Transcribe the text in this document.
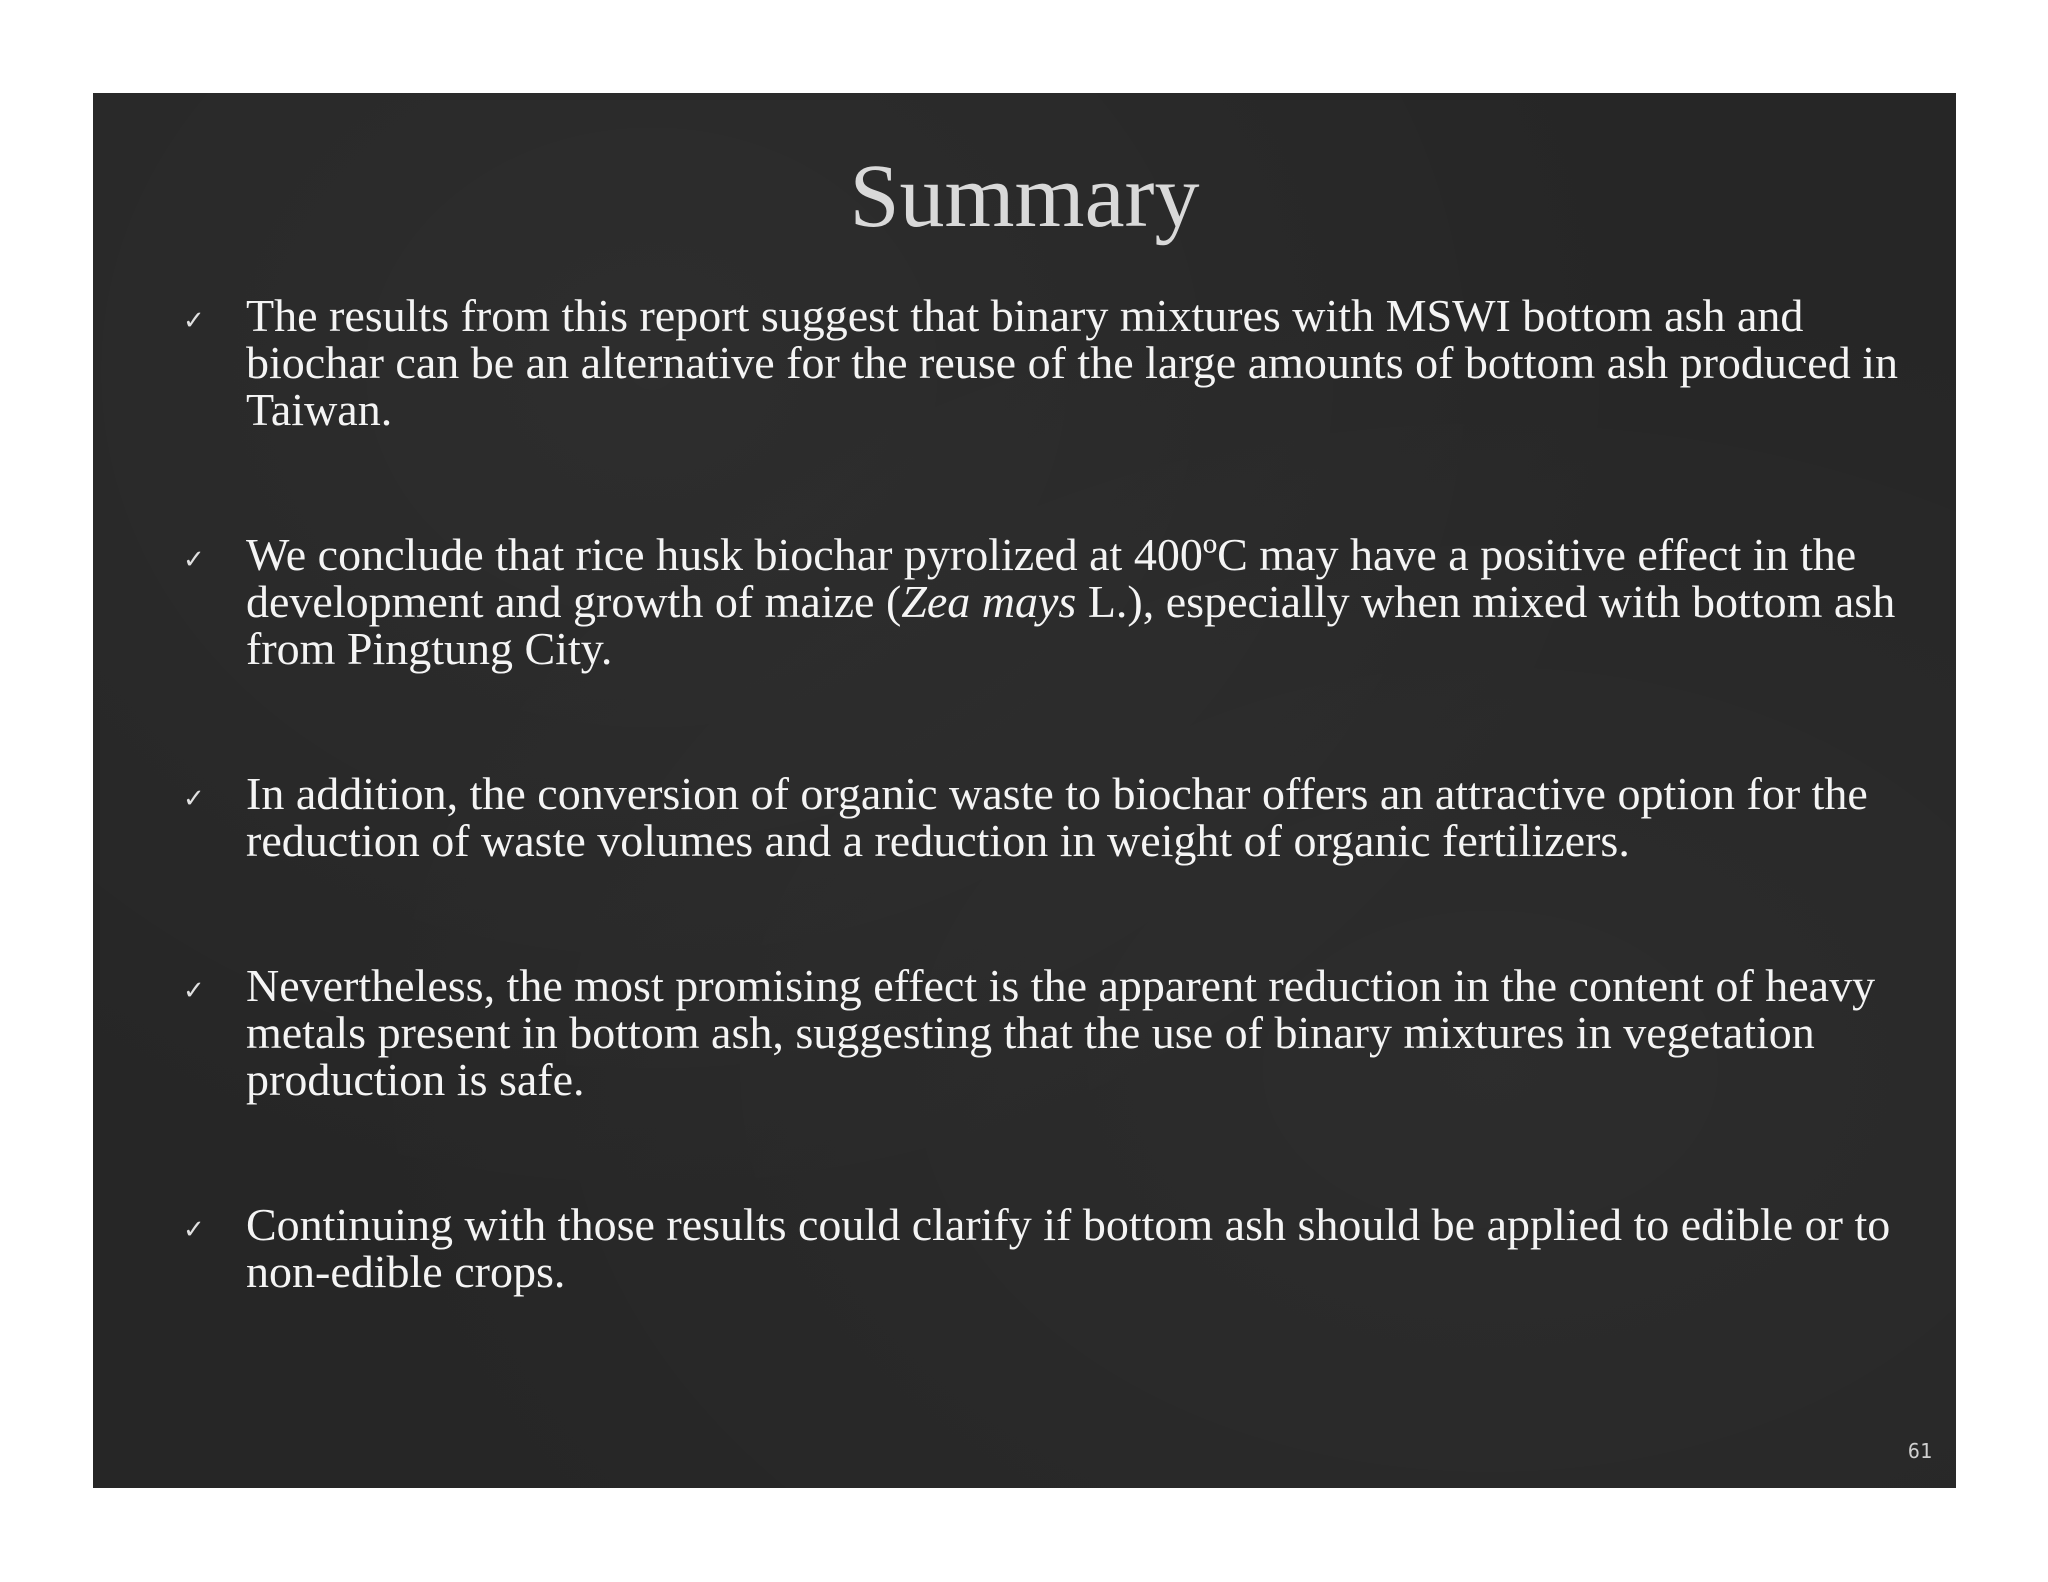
Summary
✓ The results from this report suggest that binary mixtures with MSWI bottom ash and biochar can be an alternative for the reuse of the large amounts of bottom ash produced in Taiwan.
✓ We conclude that rice husk biochar pyrolized at 400ºC may have a positive effect in the development and growth of maize (Zea mays L.), especially when mixed with bottom ash from Pingtung City.
✓ In addition, the conversion of organic waste to biochar offers an attractive option for the reduction of waste volumes and a reduction in weight of organic fertilizers.
✓ Nevertheless, the most promising effect is the apparent reduction in the content of heavy metals present in bottom ash, suggesting that the use of binary mixtures in vegetation production is safe.
✓ Continuing with those results could clarify if bottom ash should be applied to edible or to non-edible crops.
61
